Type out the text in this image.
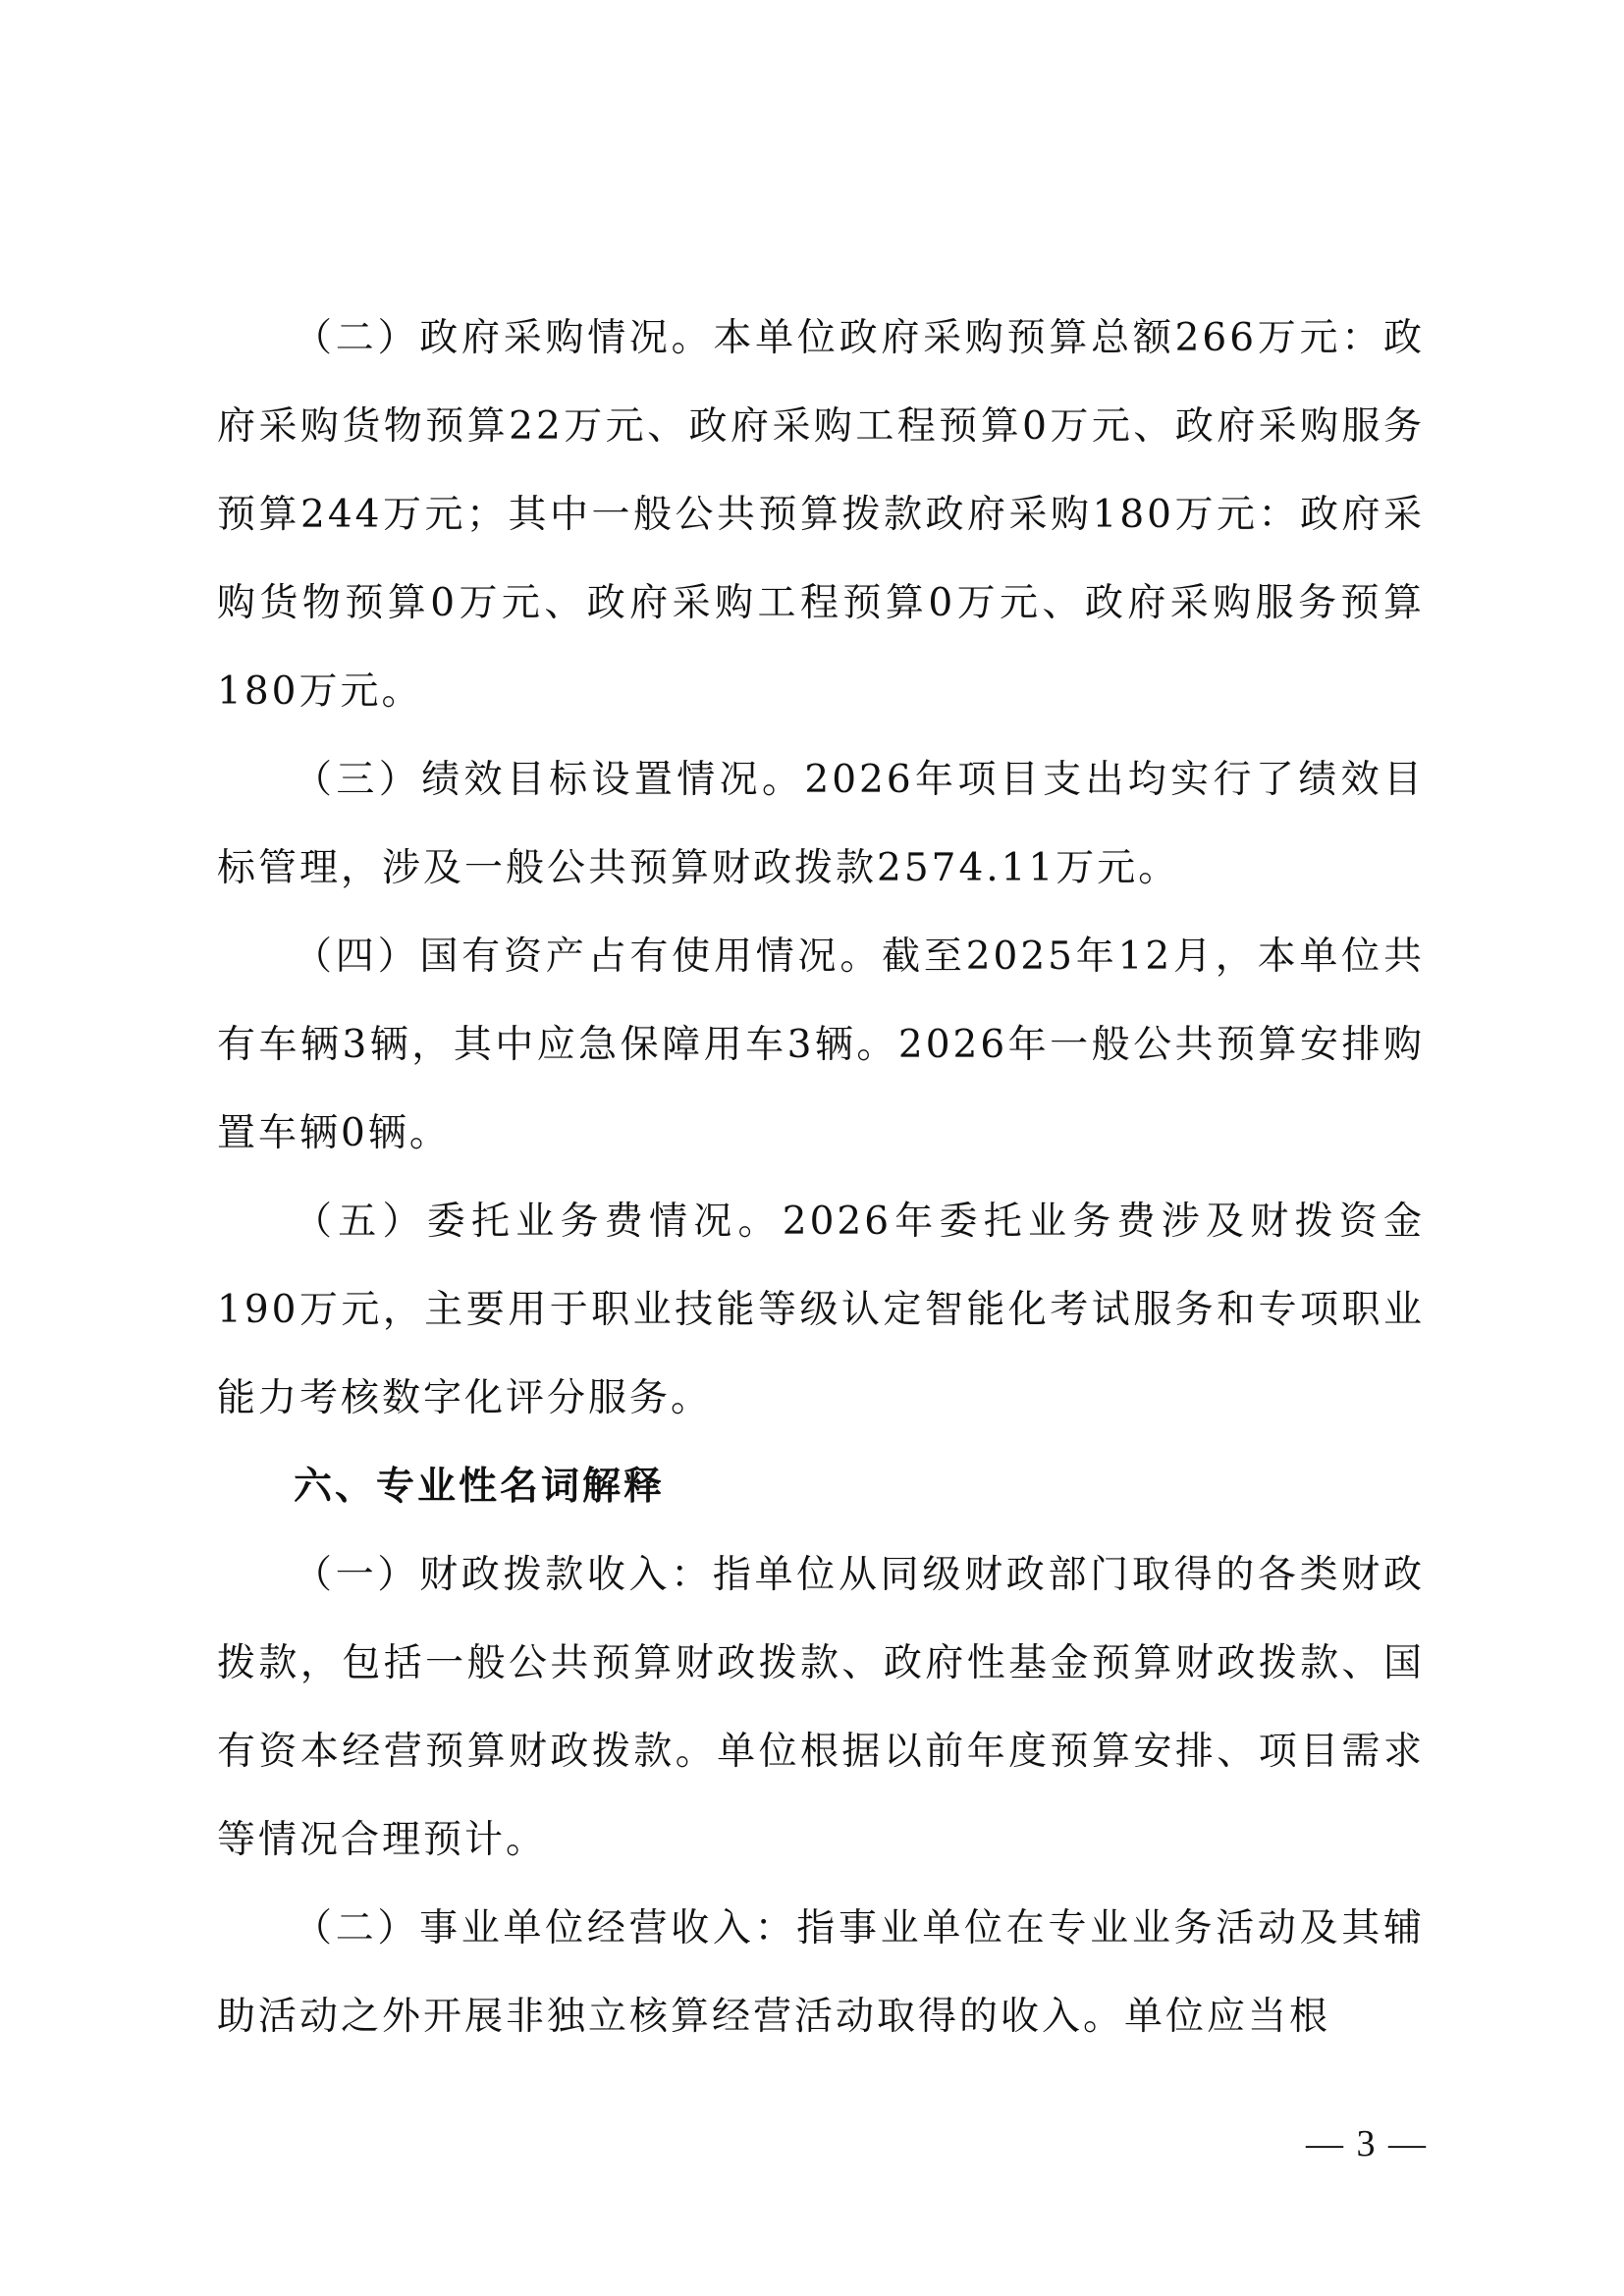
（二）政府采购情况。本单位政府采购预算总额266万元：政府采购货物预算22万元、政府采购工程预算0万元、政府采购服务预算244万元；其中一般公共预算拨款政府采购180万元：政府采购货物预算0万元、政府采购工程预算0万元、政府采购服务预算180万元。

（三）绩效目标设置情况。2026年项目支出均实行了绩效目标管理，涉及一般公共预算财政拨款2574.11万元。

（四）国有资产占有使用情况。截至2025年12月，本单位共有车辆3辆，其中应急保障用车3辆。2026年一般公共预算安排购置车辆0辆。

（五）委托业务费情况。2026年委托业务费涉及财拨资金190万元，主要用于职业技能等级认定智能化考试服务和专项职业能力考核数字化评分服务。

六、专业性名词解释

（一）财政拨款收入：指单位从同级财政部门取得的各类财政拨款，包括一般公共预算财政拨款、政府性基金预算财政拨款、国有资本经营预算财政拨款。单位根据以前年度预算安排、项目需求等情况合理预计。

（二）事业单位经营收入：指事业单位在专业业务活动及其辅助活动之外开展非独立核算经营活动取得的收入。单位应当根

— 3 —
